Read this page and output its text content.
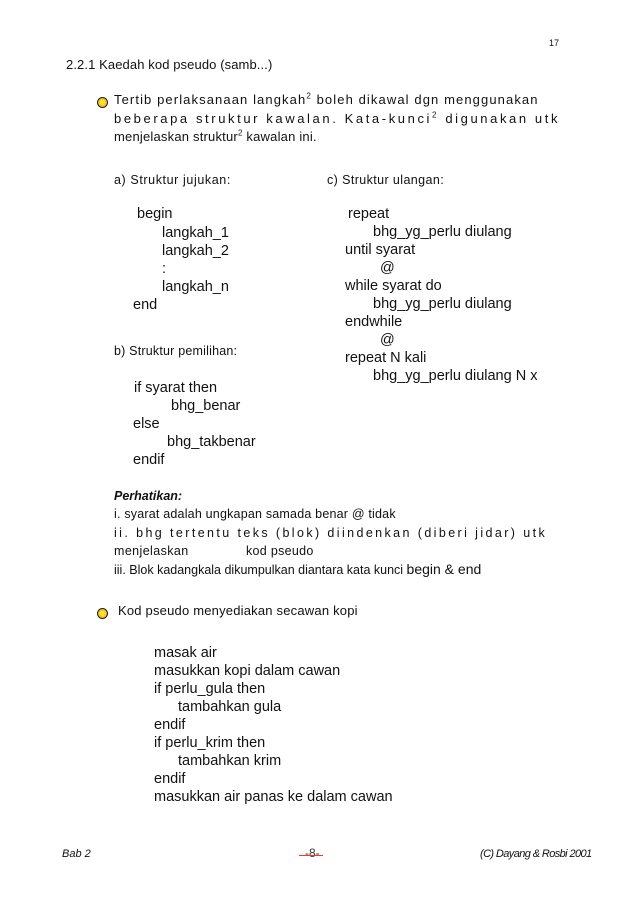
17
2.2.1 Kaedah kod pseudo (samb...)
Tertib perlaksanaan langkah$^2$ boleh dikawal dgn menggunakan
beberapa struktur kawalan. Kata-kunci$^2$ digunakan utk
menjelaskan struktur$^2$ kawalan ini.
a) Struktur jujukan:
begin
langkah_1
langkah_2
:
langkah_n
end
c) Struktur ulangan:
repeat
bhg_yg_perlu diulang
until syarat
@
while syarat do
bhg_yg_perlu diulang
endwhile
@
repeat N kali
bhg_yg_perlu diulang N x
b) Struktur pemilihan:
if syarat then
bhg_benar
else
bhg_takbenar
endif
Perhatikan:
i. syarat adalah ungkapan samada benar @ tidak
ii. bhg tertentu teks (blok) diindenkan (diberi jidar) utk
menjelaskan	kod pseudo
iii. Blok kadangkala dikumpulkan diantara kata kunci begin & end
Kod pseudo menyediakan secawan kopi
masak air
masukkan kopi dalam cawan
if perlu_gula then
tambahkan gula
endif
if perlu_krim then
tambahkan krim
endif
masukkan air panas ke dalam cawan
Bab 2	-8-	(C) Dayang & Rosbi 2001
